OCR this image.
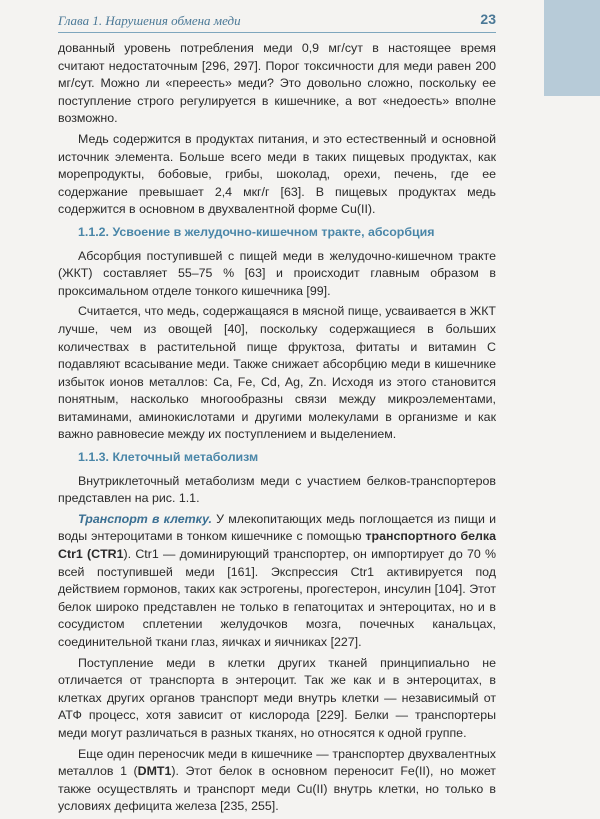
Глава 1. Нарушения обмена меди	23

дованный уровень потребления меди 0,9 мг/сут в настоящее время считают недостаточным [296, 297]. Порог токсичности для меди равен 200 мг/сут. Можно ли «переесть» меди? Это довольно сложно, поскольку ее поступление строго регулируется в кишечнике, а вот «недоесть» вполне возможно.

Медь содержится в продуктах питания, и это естественный и основной источник элемента. Больше всего меди в таких пищевых продуктах, как морепродукты, бобовые, грибы, шоколад, орехи, печень, где ее содержание превышает 2,4 мкг/г [63]. В пищевых продуктах медь содержится в основном в двухвалентной форме Cu(II).

1.1.2. Усвоение в желудочно-кишечном тракте, абсорбция

Абсорбция поступившей с пищей меди в желудочно-кишечном тракте (ЖКТ) составляет 55–75 % [63] и происходит главным образом в проксимальном отделе тонкого кишечника [99].

Считается, что медь, содержащаяся в мясной пище, усваивается в ЖКТ лучше, чем из овощей [40], поскольку содержащиеся в больших количествах в растительной пище фруктоза, фитаты и витамин С подавляют всасывание меди. Также снижает абсорбцию меди в кишечнике избыток ионов металлов: Ca, Fe, Cd, Ag, Zn. Исходя из этого становится понятным, насколько многообразны связи между микроэлементами, витаминами, аминокислотами и другими молекулами в организме и как важно равновесие между их поступлением и выделением.

1.1.3. Клеточный метаболизм

Внутриклеточный метаболизм меди с участием белков-транспортеров представлен на рис. 1.1.

Транспорт в клетку. У млекопитающих медь поглощается из пищи и воды энтероцитами в тонком кишечнике с помощью транспортного белка Ctr1 (CTR1). Ctr1 — доминирующий транспортер, он импортирует до 70 % всей поступившей меди [161]. Экспрессия Ctr1 активируется под действием гормонов, таких как эстрогены, прогестерон, инсулин [104]. Этот белок широко представлен не только в гепатоцитах и энтероцитах, но и в сосудистом сплетении желудочков мозга, почечных канальцах, соединительной ткани глаз, яичках и яичниках [227].

Поступление меди в клетки других тканей принципиально не отличается от транспорта в энтероцит. Так же как и в энтероцитах, в клетках других органов транспорт меди внутрь клетки — независимый от АТФ процесс, хотя зависит от кислорода [229]. Белки — транспортеры меди могут различаться в разных тканях, но относятся к одной группе.

Еще один переносчик меди в кишечнике — транспортер двухвалентных металлов 1 (DMT1). Этот белок в основном переносит Fe(II), но может также осуществлять и транспорт меди Cu(II) внутрь клетки, но только в условиях дефицита железа [235, 255].
